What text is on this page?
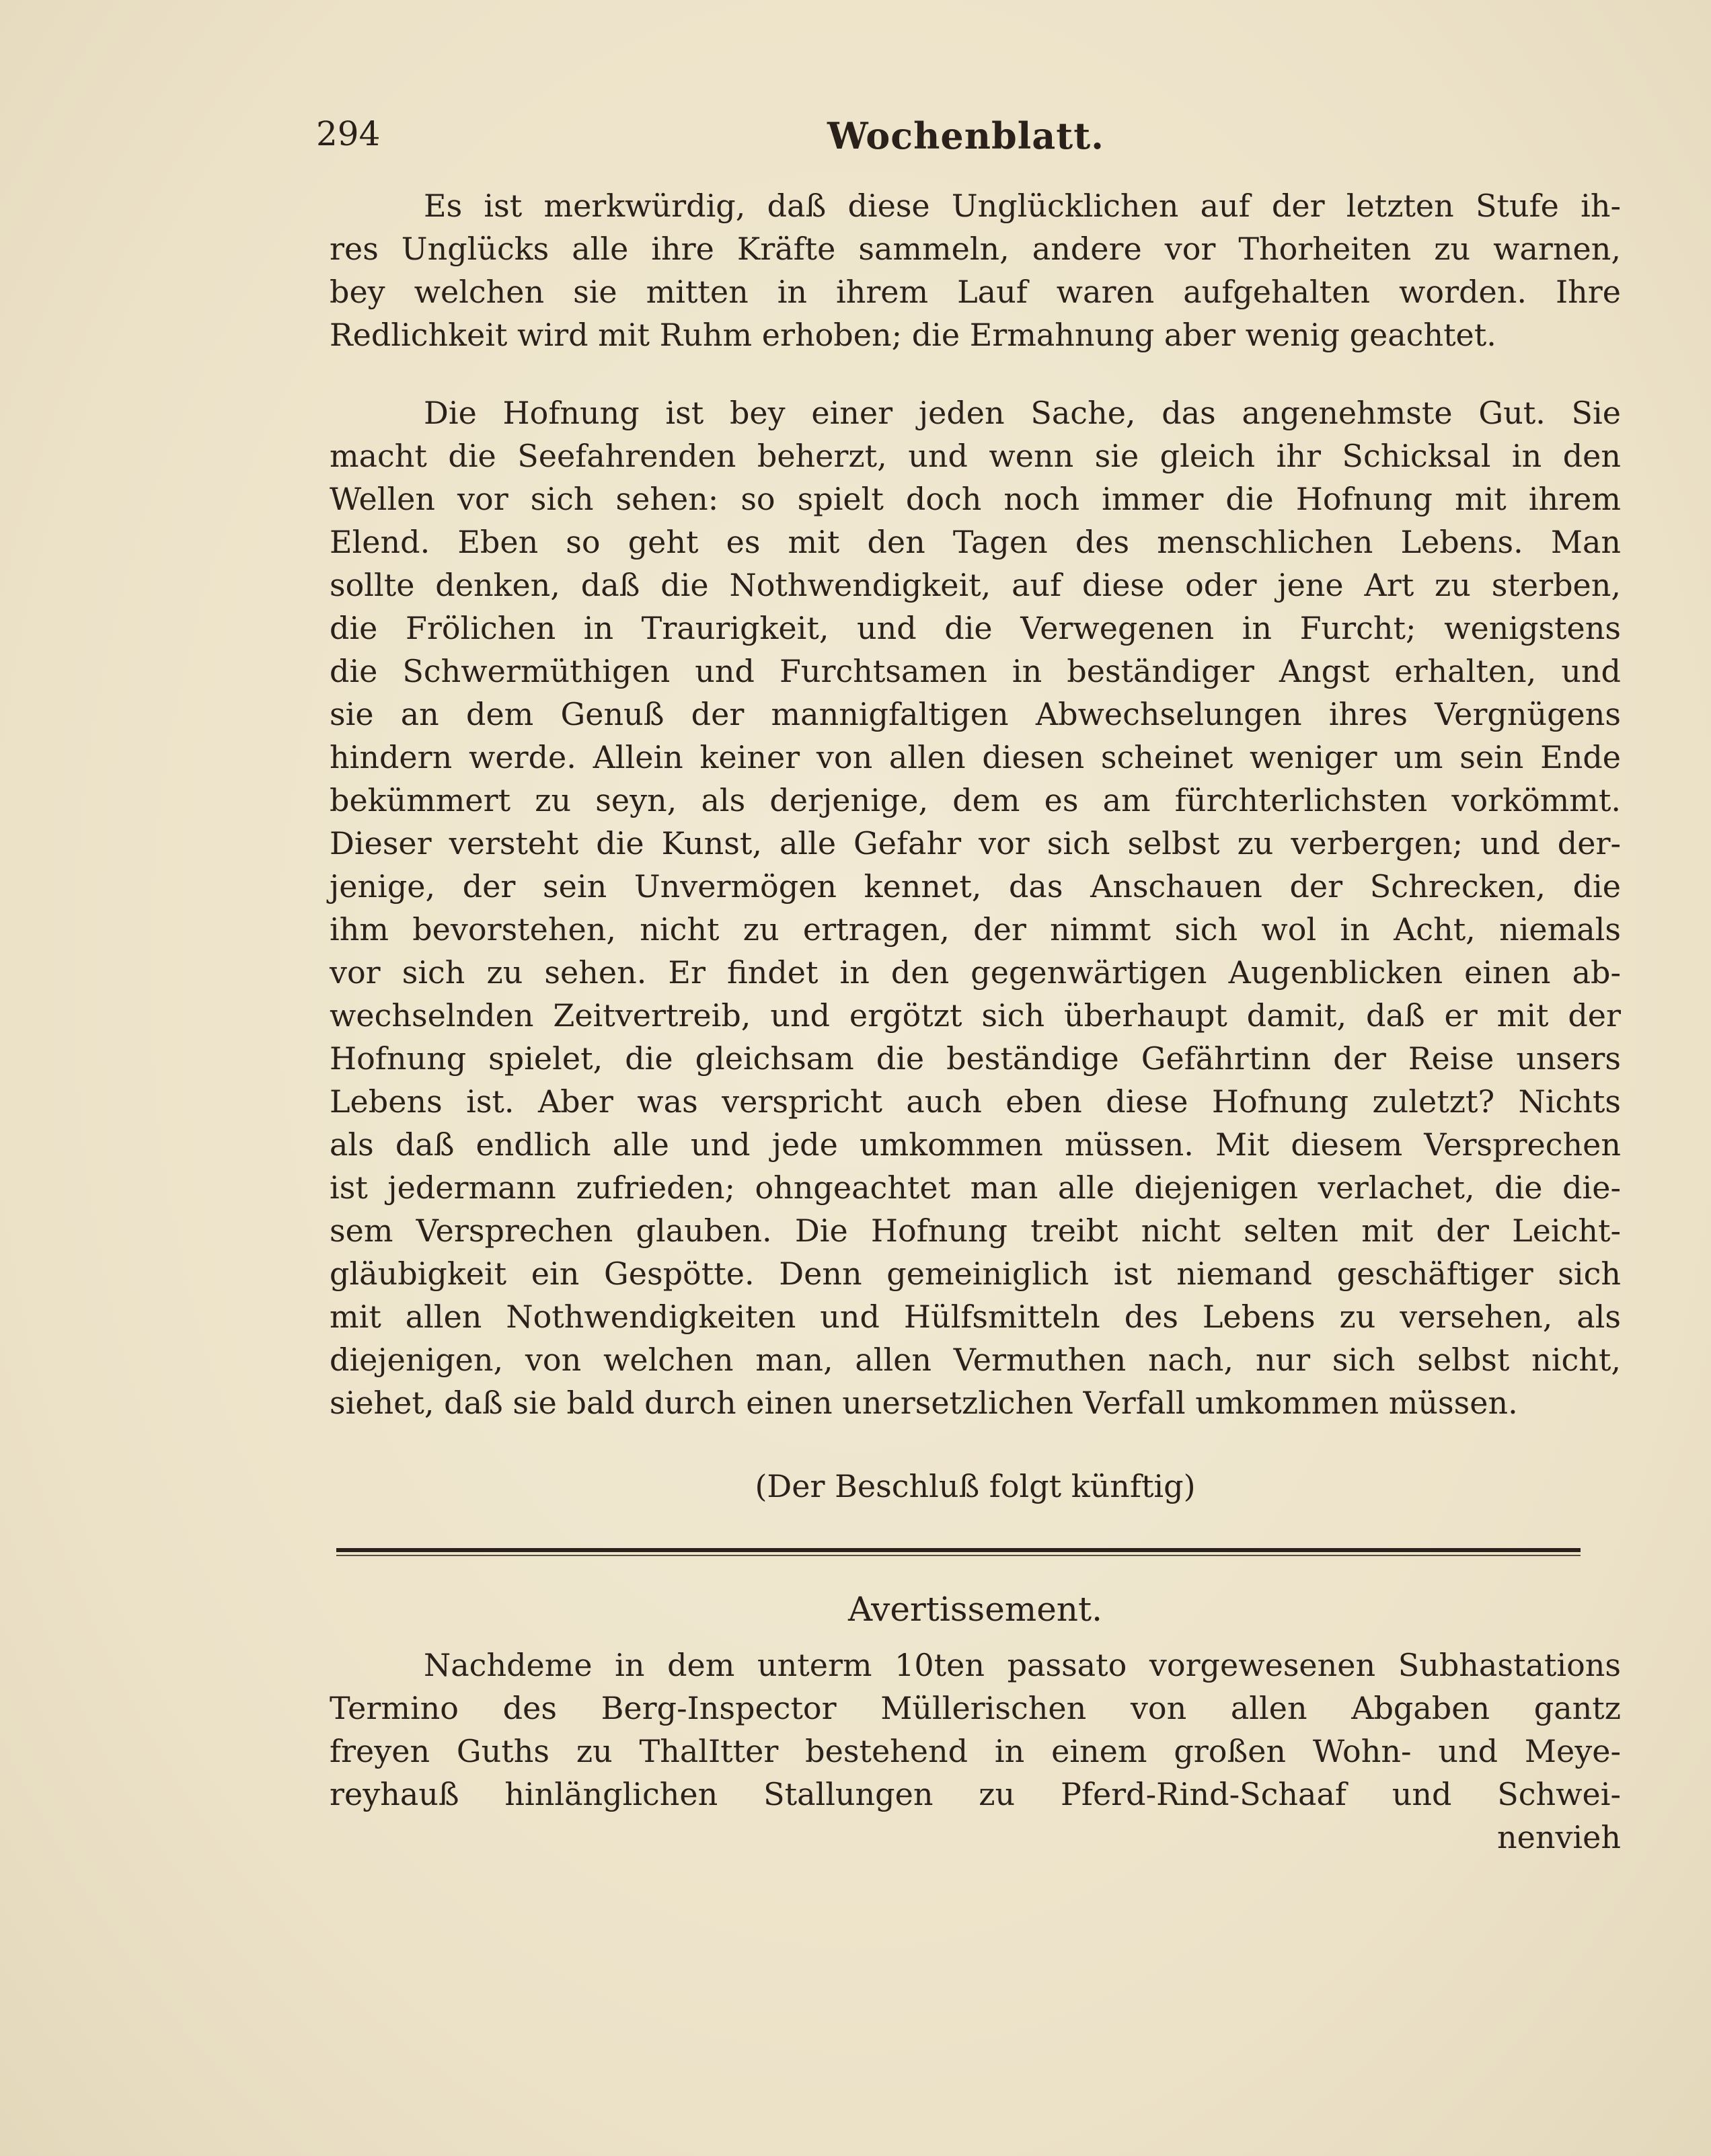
294	Wochenblatt.
Es ist merkwürdig, daß diese Unglücklichen auf der letzten Stufe ih-
res Unglücks alle ihre Kräfte sammeln, andere vor Thorheiten zu warnen,
bey welchen sie mitten in ihrem Lauf waren aufgehalten worden. Ihre
Redlichkeit wird mit Ruhm erhoben; die Ermahnung aber wenig geachtet.
Die Hofnung ist bey einer jeden Sache, das angenehmste Gut. Sie
macht die Seefahrenden beherzt, und wenn sie gleich ihr Schicksal in den
Wellen vor sich sehen: so spielt doch noch immer die Hofnung mit ihrem
Elend. Eben so geht es mit den Tagen des menschlichen Lebens. Man
sollte denken, daß die Nothwendigkeit, auf diese oder jene Art zu sterben,
die Frölichen in Traurigkeit, und die Verwegenen in Furcht; wenigstens
die Schwermüthigen und Furchtsamen in beständiger Angst erhalten, und
sie an dem Genuß der mannigfaltigen Abwechselungen ihres Vergnügens
hindern werde. Allein keiner von allen diesen scheinet weniger um sein Ende
bekümmert zu seyn, als derjenige, dem es am fürchterlichsten vorkömmt.
Dieser versteht die Kunst, alle Gefahr vor sich selbst zu verbergen; und der-
jenige, der sein Unvermögen kennet, das Anschauen der Schrecken, die
ihm bevorstehen, nicht zu ertragen, der nimmt sich wol in Acht, niemals
vor sich zu sehen. Er findet in den gegenwärtigen Augenblicken einen ab-
wechselnden Zeitvertreib, und ergötzt sich überhaupt damit, daß er mit der
Hofnung spielet, die gleichsam die beständige Gefährtinn der Reise unsers
Lebens ist. Aber was verspricht auch eben diese Hofnung zuletzt? Nichts
als daß endlich alle und jede umkommen müssen. Mit diesem Versprechen
ist jedermann zufrieden; ohngeachtet man alle diejenigen verlachet, die die-
sem Versprechen glauben. Die Hofnung treibt nicht selten mit der Leicht-
gläubigkeit ein Gespötte. Denn gemeiniglich ist niemand geschäftiger sich
mit allen Nothwendigkeiten und Hülfsmitteln des Lebens zu versehen, als
diejenigen, von welchen man, allen Vermuthen nach, nur sich selbst nicht,
siehet, daß sie bald durch einen unersetzlichen Verfall umkommen müssen.
(Der Beschluß folgt künftig)
Avertissement.
Nachdeme in dem unterm 10ten passato vorgewesenen Subhastations
Termino des Berg-Inspector Müllerischen von allen Abgaben gantz
freyen Guths zu ThalItter bestehend in einem großen Wohn- und Meye-
reyhauß hinlänglichen Stallungen zu Pferd-Rind-Schaaf und Schwei-
nenvieh
